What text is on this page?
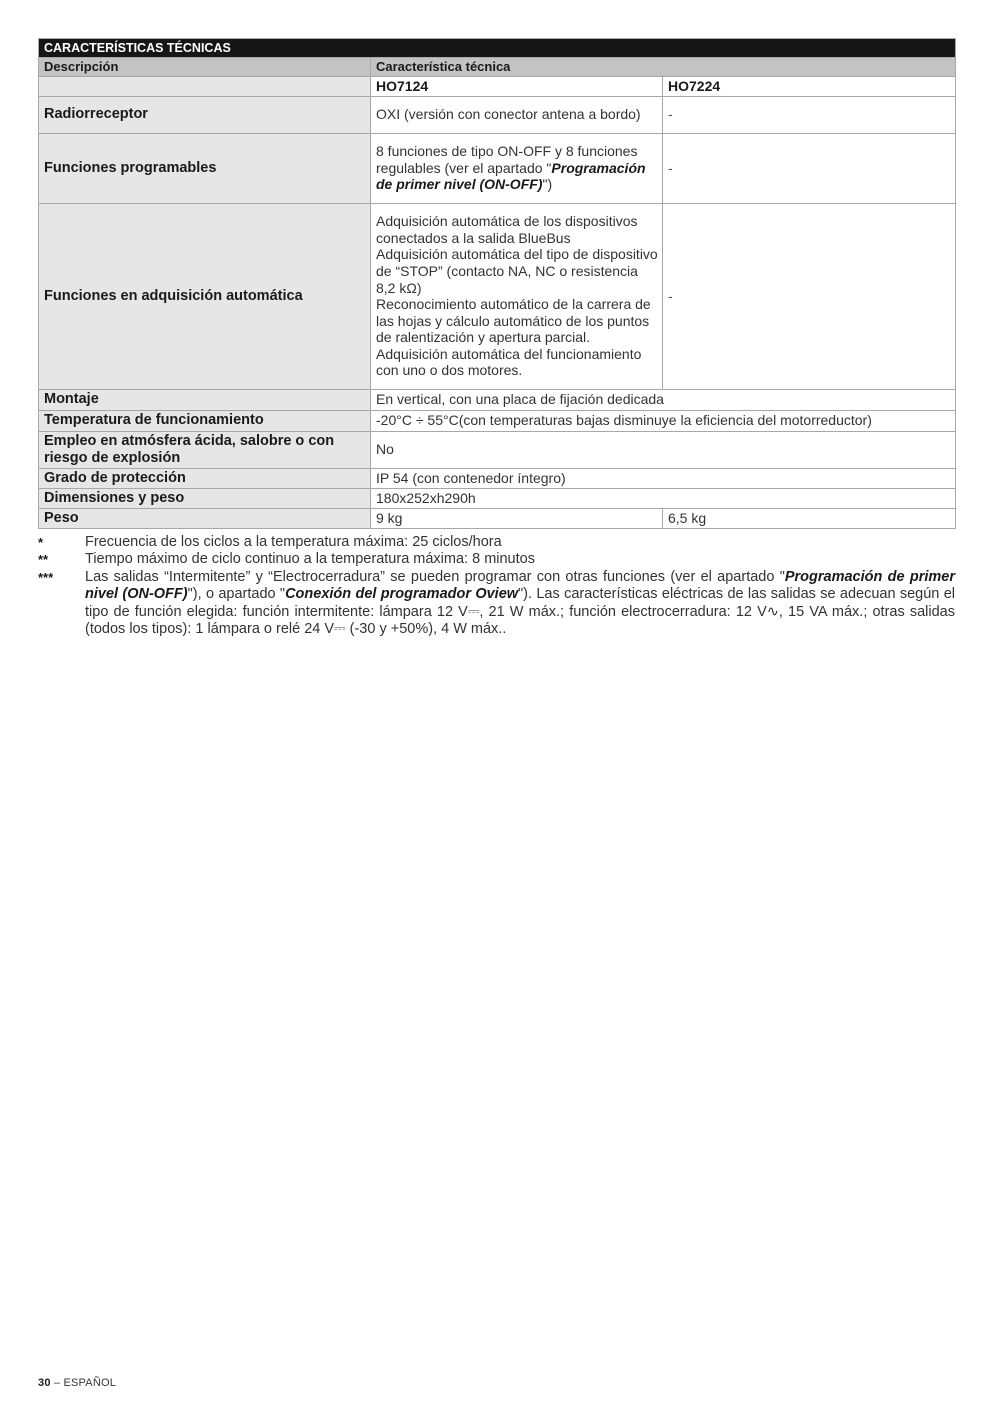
CARACTERÍSTICAS TÉCNICAS		
Descripción	Característica técnica	
	HO7124	HO7224
Radiorreceptor	OXI (versión con conector antena a bordo)	-
Funciones programables	8 funciones de tipo ON-OFF y 8 funciones regulables (ver el apartado "Programación de primer nivel (ON-OFF)")	-
Funciones en adquisición automática	Adquisición automática de los dispositivos conectados a la salida BlueBus
Adquisición automática del tipo de dispositivo de “STOP” (contacto NA, NC o resistencia 8,2 kΩ)
Reconocimiento automático de la carrera de las hojas y cálculo automático de los puntos de ralentización y apertura parcial.
Adquisición automática del funcionamiento con uno o dos motores.	-
Montaje	En vertical, con una placa de fijación dedicada	
Temperatura de funcionamiento	-20°C ÷ 55°C(con temperaturas bajas disminuye la eficiencia del motorreductor)	
Empleo en atmósfera ácida, salobre o con riesgo de explosión	No	
Grado de protección	IP 54 (con contenedor íntegro)	
Dimensiones y peso	180x252xh290h	
Peso	9 kg	6,5 kg
*	Frecuencia de los ciclos a la temperatura máxima: 25 ciclos/hora
**	Tiempo máximo de ciclo continuo a la temperatura máxima: 8 minutos
***	Las salidas “Intermitente” y “Electrocerradura” se pueden programar con otras funciones (ver el apartado "Programación de primer nivel (ON-OFF)"), o apartado "Conexión del programador Oview"). Las características eléctricas de las salidas se adecuan según el tipo de función elegida: función intermitente: lámpara 12 V⎓, 21 W máx.; función electrocerradura: 12 V∿, 15 VA máx.; otras salidas (todos los tipos): 1 lámpara o relé 24 V⎓ (-30 y +50%), 4 W máx..
30 – ESPAÑOL
